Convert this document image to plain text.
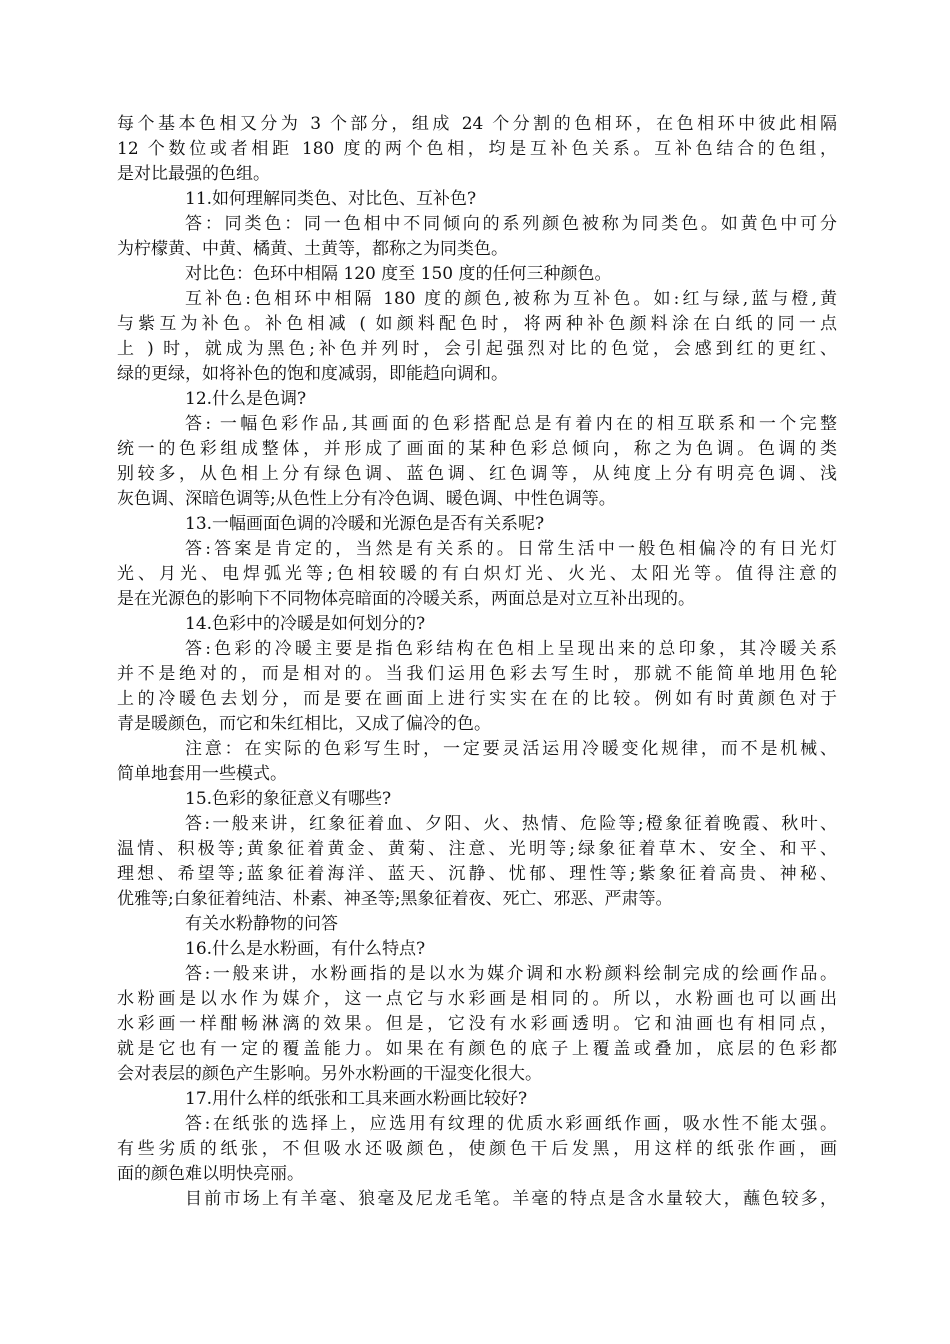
每个基本色相又分为 3 个部分，组成 24 个分割的色相环，在色相环中彼此相隔
12 个数位或者相距 180 度的两个色相，均是互补色关系。互补色结合的色组，
是对比最强的色组。
11.如何理解同类色、对比色、互补色?
答：同类色：同一色相中不同倾向的系列颜色被称为同类色。如黄色中可分
为柠檬黄、中黄、橘黄、土黄等，都称之为同类色。
对比色：色环中相隔 120 度至 150 度的任何三种颜色。
互补色:色相环中相隔 180 度的颜色,被称为互补色。如:红与绿,蓝与橙,黄
与紫互为补色。补色相减 ( 如颜料配色时，将两种补色颜料涂在白纸的同一点
上 ) 时，就成为黑色;补色并列时，会引起强烈对比的色觉，会感到红的更红、
绿的更绿，如将补色的饱和度减弱，即能趋向调和。
12.什么是色调?
答: 一幅色彩作品,其画面的色彩搭配总是有着内在的相互联系和一个完整
统一的色彩组成整体，并形成了画面的某种色彩总倾向，称之为色调。色调的类
别较多，从色相上分有绿色调、蓝色调、红色调等，从纯度上分有明亮色调、浅
灰色调、深暗色调等;从色性上分有冷色调、暖色调、中性色调等。
13.一幅画面色调的冷暖和光源色是否有关系呢?
答:答案是肯定的，当然是有关系的。日常生活中一般色相偏冷的有日光灯
光、月光、电焊弧光等;色相较暖的有白炽灯光、火光、太阳光等。值得注意的
是在光源色的影响下不同物体亮暗面的冷暖关系，两面总是对立互补出现的。
14.色彩中的冷暖是如何划分的?
答:色彩的冷暖主要是指色彩结构在色相上呈现出来的总印象，其冷暖关系
并不是绝对的，而是相对的。当我们运用色彩去写生时，那就不能简单地用色轮
上的冷暖色去划分，而是要在画面上进行实实在在的比较。例如有时黄颜色对于
青是暖颜色，而它和朱红相比，又成了偏冷的色。
注意：在实际的色彩写生时，一定要灵活运用冷暖变化规律，而不是机械、
简单地套用一些模式。
15.色彩的象征意义有哪些?
答:一般来讲，红象征着血、夕阳、火、热情、危险等;橙象征着晚霞、秋叶、
温情、积极等;黄象征着黄金、黄菊、注意、光明等;绿象征着草木、安全、和平、
理想、希望等;蓝象征着海洋、蓝天、沉静、忧郁、理性等;紫象征着高贵、神秘、
优雅等;白象征着纯洁、朴素、神圣等;黑象征着夜、死亡、邪恶、严肃等。
有关水粉静物的问答
16.什么是水粉画，有什么特点?
答:一般来讲，水粉画指的是以水为媒介调和水粉颜料绘制完成的绘画作品。
水粉画是以水作为媒介，这一点它与水彩画是相同的。所以，水粉画也可以画出
水彩画一样酣畅淋漓的效果。但是，它没有水彩画透明。它和油画也有相同点，
就是它也有一定的覆盖能力。如果在有颜色的底子上覆盖或叠加，底层的色彩都
会对表层的颜色产生影响。另外水粉画的干湿变化很大。
17.用什么样的纸张和工具来画水粉画比较好?
答:在纸张的选择上，应选用有纹理的优质水彩画纸作画，吸水性不能太强。
有些劣质的纸张，不但吸水还吸颜色，使颜色干后发黑，用这样的纸张作画，画
面的颜色难以明快亮丽。
目前市场上有羊毫、狼毫及尼龙毛笔。羊毫的特点是含水量较大，蘸色较多，
